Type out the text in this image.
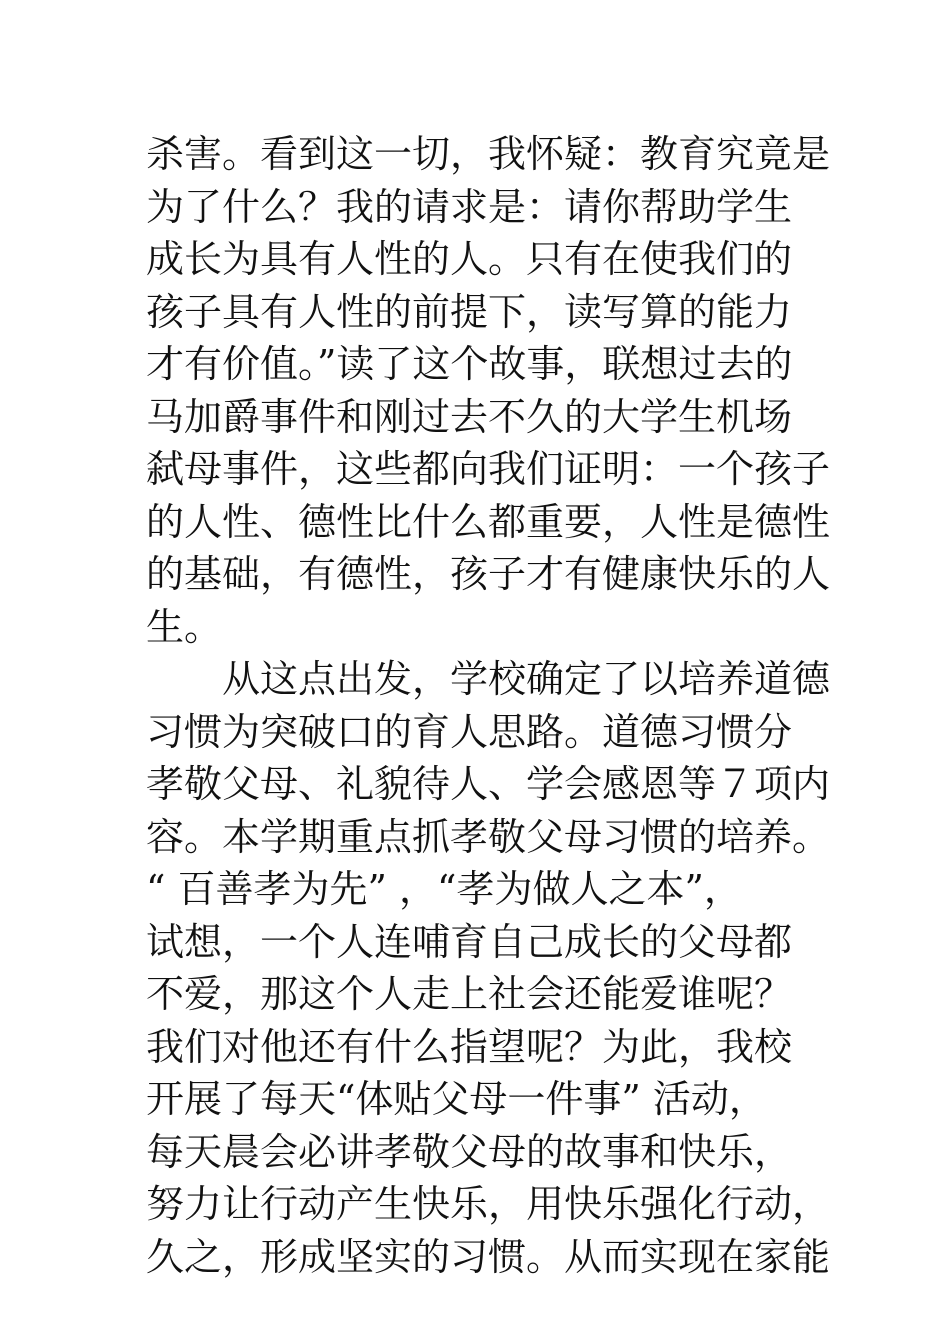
杀害。看到这一切，我怀疑：教育究竟是
为了什么？我的请求是：请你帮助学生
成长为具有人性的人。只有在使我们的
孩子具有人性的前提下，读写算的能力
才有价值。”读了这个故事，联想过去的
马加爵事件和刚过去不久的大学生机场
弑母事件，这些都向我们证明：一个孩子
的人性、德性比什么都重要，人性是德性
的基础，有德性，孩子才有健康快乐的人
生。
　　从这点出发，学校确定了以培养道德
习惯为突破口的育人思路。道德习惯分
孝敬父母、礼貌待人、学会感恩等７项内
容。本学期重点抓孝敬父母习惯的培养。
“ 百善孝为先” ，“孝为做人之本”，
试想，一个人连哺育自己成长的父母都
不爱，那这个人走上社会还能爱谁呢？
我们对他还有什么指望呢？为此，我校
开展了每天“体贴父母一件事” 活动，
每天晨会必讲孝敬父母的故事和快乐，
努力让行动产生快乐，用快乐强化行动，
久之，形成坚实的习惯。从而实现在家能
